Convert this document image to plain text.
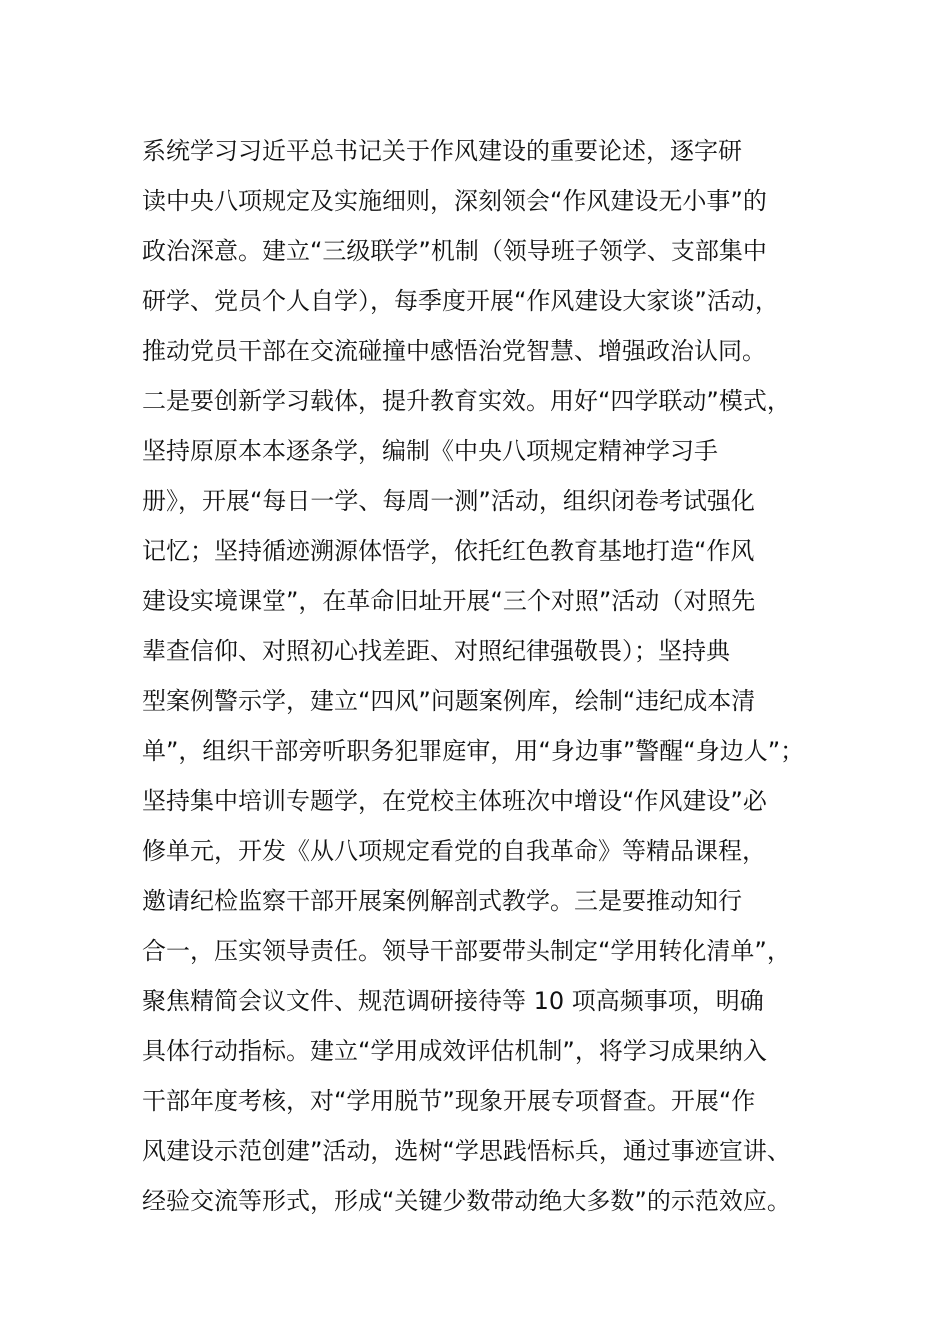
系统学习习近平总书记关于作风建设的重要论述，逐字研
读中央八项规定及实施细则，深刻领会“作风建设无小事”的
政治深意。建立“三级联学”机制（领导班子领学、支部集中
研学、党员个人自学），每季度开展“作风建设大家谈”活动，
推动党员干部在交流碰撞中感悟治党智慧、增强政治认同。
二是要创新学习载体，提升教育实效。用好“四学联动”模式，
坚持原原本本逐条学，编制《中央八项规定精神学习手
册》，开展“每日一学、每周一测”活动，组织闭卷考试强化
记忆；坚持循迹溯源体悟学，依托红色教育基地打造“作风
建设实境课堂”，在革命旧址开展“三个对照”活动（对照先
辈查信仰、对照初心找差距、对照纪律强敬畏）；坚持典
型案例警示学，建立“四风”问题案例库，绘制“违纪成本清
单”，组织干部旁听职务犯罪庭审，用“身边事”警醒“身边人”；
坚持集中培训专题学，在党校主体班次中增设“作风建设”必
修单元，开发《从八项规定看党的自我革命》等精品课程，
邀请纪检监察干部开展案例解剖式教学。三是要推动知行
合一，压实领导责任。领导干部要带头制定“学用转化清单”，
聚焦精简会议文件、规范调研接待等 10 项高频事项，明确
具体行动指标。建立“学用成效评估机制”，将学习成果纳入
干部年度考核，对“学用脱节”现象开展专项督查。开展“作
风建设示范创建”活动，选树“学思践悟标兵，通过事迹宣讲、
经验交流等形式，形成“关键少数带动绝大多数”的示范效应。
